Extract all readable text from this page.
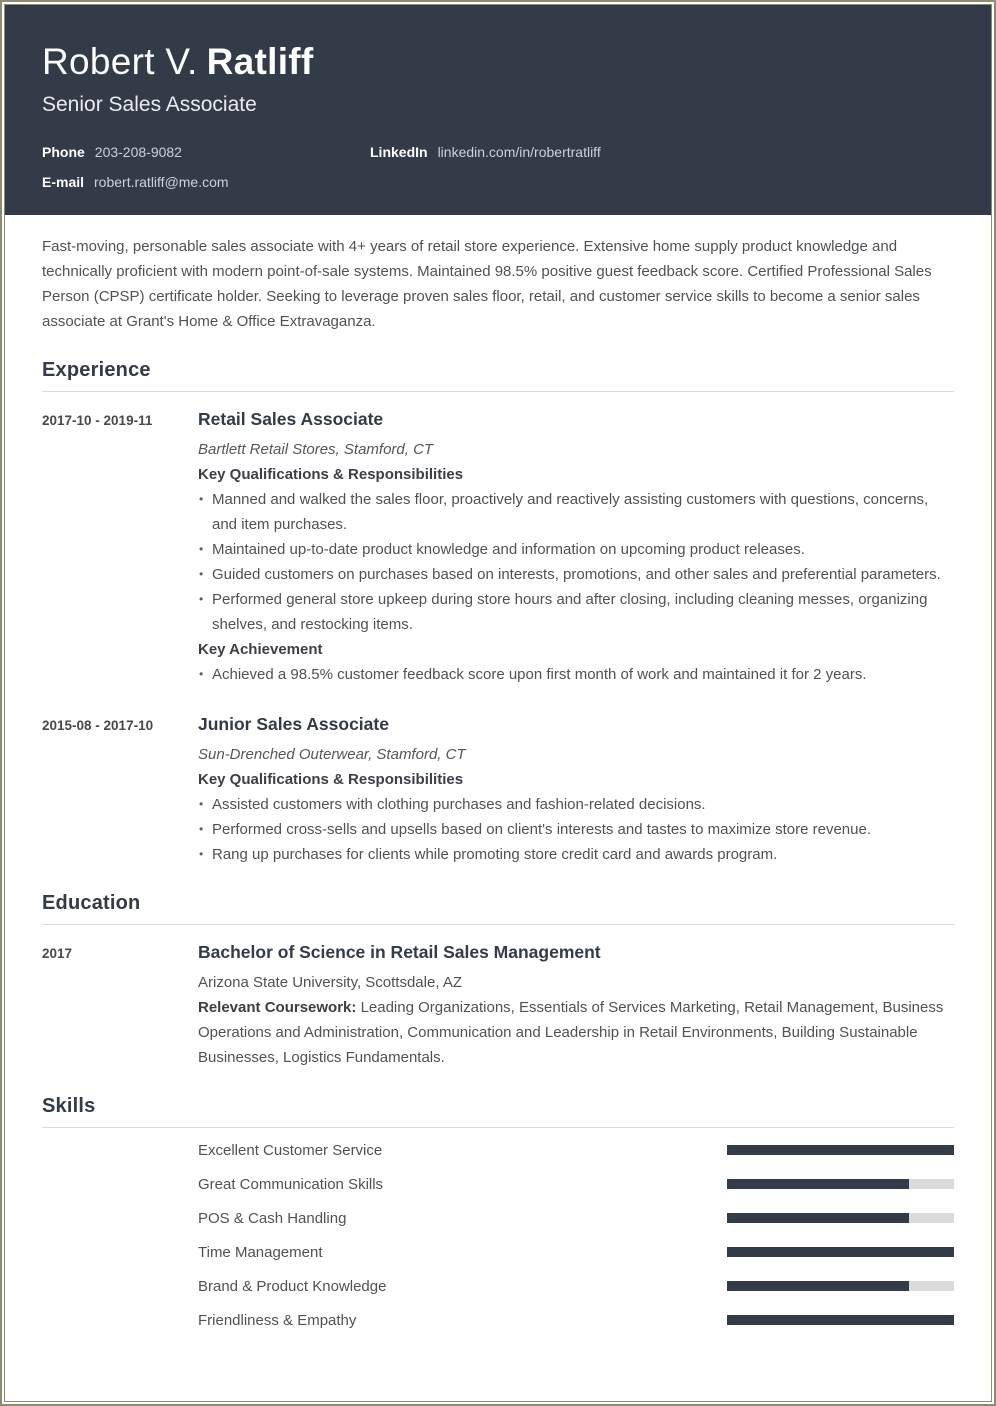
Robert V. Ratliff
Senior Sales Associate
Phone 203-208-9082	LinkedIn linkedin.com/in/robertratliff
E-mail robert.ratliff@me.com

Fast-moving, personable sales associate with 4+ years of retail store experience. Extensive home supply product knowledge and technically proficient with modern point-of-sale systems. Maintained 98.5% positive guest feedback score. Certified Professional Sales Person (CPSP) certificate holder. Seeking to leverage proven sales floor, retail, and customer service skills to become a senior sales associate at Grant's Home & Office Extravaganza.

Experience
2017-10 - 2019-11	Retail Sales Associate
Bartlett Retail Stores, Stamford, CT
Key Qualifications & Responsibilities
• Manned and walked the sales floor, proactively and reactively assisting customers with questions, concerns, and item purchases.
• Maintained up-to-date product knowledge and information on upcoming product releases.
• Guided customers on purchases based on interests, promotions, and other sales and preferential parameters.
• Performed general store upkeep during store hours and after closing, including cleaning messes, organizing shelves, and restocking items.
Key Achievement
• Achieved a 98.5% customer feedback score upon first month of work and maintained it for 2 years.
2015-08 - 2017-10	Junior Sales Associate
Sun-Drenched Outerwear, Stamford, CT
Key Qualifications & Responsibilities
• Assisted customers with clothing purchases and fashion-related decisions.
• Performed cross-sells and upsells based on client's interests and tastes to maximize store revenue.
• Rang up purchases for clients while promoting store credit card and awards program.
Education
2017	Bachelor of Science in Retail Sales Management
Arizona State University, Scottsdale, AZ

Relevant Coursework: Leading Organizations, Essentials of Services Marketing, Retail Management, Business Operations and Administration, Communication and Leadership in Retail Environments, Building Sustainable Businesses, Logistics Fundamentals.

Skills
Excellent Customer Service
Great Communication Skills
POS & Cash Handling
Time Management
Brand & Product Knowledge
Friendliness & Empathy
